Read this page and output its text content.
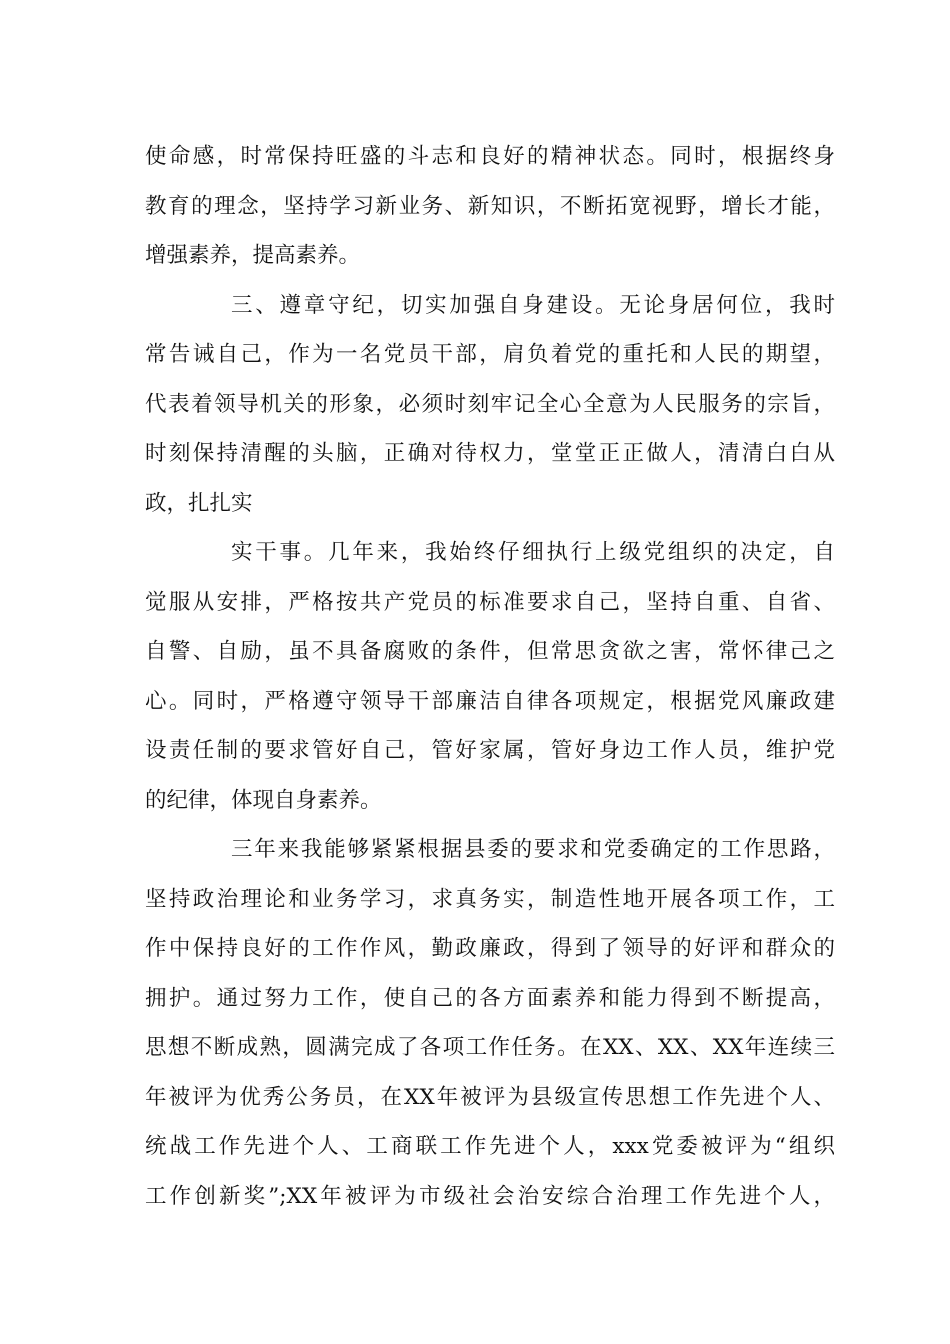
使命感，时常保持旺盛的斗志和良好的精神状态。同时，根据终身
教育的理念，坚持学习新业务、新知识，不断拓宽视野，增长才能，
增强素养，提高素养。
三、遵章守纪，切实加强自身建设。无论身居何位，我时
常告诫自己，作为一名党员干部，肩负着党的重托和人民的期望，
代表着领导机关的形象，必须时刻牢记全心全意为人民服务的宗旨，
时刻保持清醒的头脑，正确对待权力，堂堂正正做人，清清白白从
政，扎扎实
实干事。几年来，我始终仔细执行上级党组织的决定，自
觉服从安排，严格按共产党员的标准要求自己，坚持自重、自省、
自警、自励，虽不具备腐败的条件，但常思贪欲之害，常怀律己之
心。同时，严格遵守领导干部廉洁自律各项规定，根据党风廉政建
设责任制的要求管好自己，管好家属，管好身边工作人员，维护党
的纪律，体现自身素养。
三年来我能够紧紧根据县委的要求和党委确定的工作思路，
坚持政治理论和业务学习，求真务实，制造性地开展各项工作，工
作中保持良好的工作作风，勤政廉政，得到了领导的好评和群众的
拥护。通过努力工作，使自己的各方面素养和能力得到不断提高，
思想不断成熟，圆满完成了各项工作任务。在XX、XX、XX年连续三
年被评为优秀公务员，在XX年被评为县级宣传思想工作先进个人、
统战工作先进个人、工商联工作先进个人，xxx党委被评为“组织
工作创新奖”;XX年被评为市级社会治安综合治理工作先进个人，
